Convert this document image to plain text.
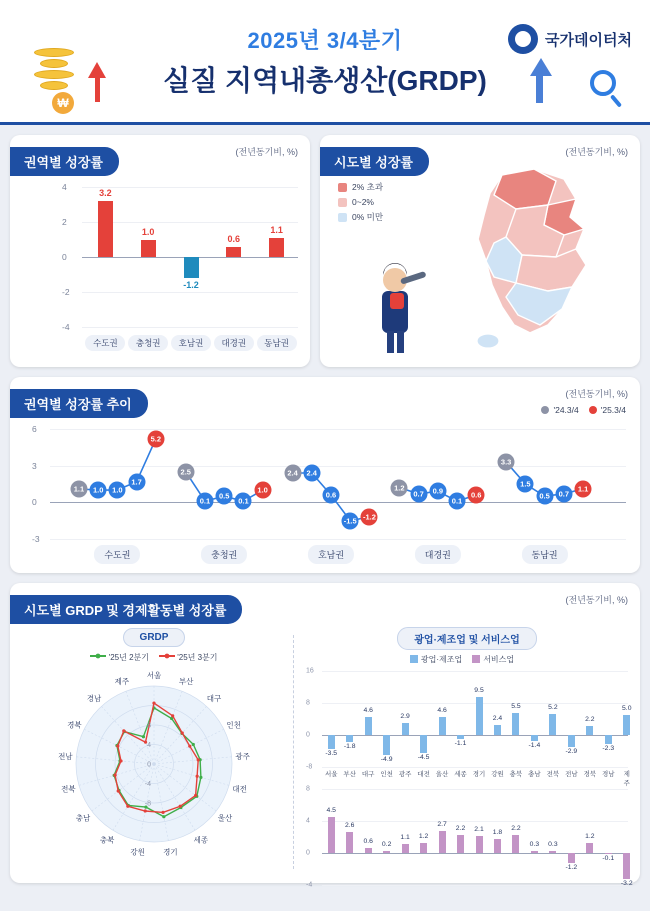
₩
2025년 3/4분기
실질 지역내총생산(GRDP)
국가데이터처
권역별 성장률
(전년동기비, %)
-4
-2
0
2
4
3.2
수도권
1.0
충청권
-1.2
호남권
0.6
대경권
1.1
동남권
시도별 성장률
(전년동기비, %)
2% 초과
0~2%
0% 미만
권역별 성장률 추이
(전년동기비, %)
'24.3/4	'25.3/4
-3
0
3
6
1.1	1.0	1.0
1.7
5.2
수도권
2.5
0.1
0.5
0.1
1.0
충청권
2.4	2.4
0.6
-1.5 -1.2
호남권
1.2
0.7	0.9
0.1
0.6
대경권
3.3
1.5
0.5	0.7
1.1
동남권
시도별 GRDP 및 경제활동별 성장률
(전년동기비, %)
GRDP
'25년 2분기	'25년 3분기
서울
부산
대구
인천
광주
대전
울산
세종
경기
강원
충북
충남
전북
전남
경북
경남
제주
-8
-4
0
4
8
광업·제조업 및 서비스업
광업·제조업	서비스업
-8
0
8
16
-3.5
-1.8
4.6
-4.9
2.9
-4.5
4.6
-1.1
9.5
2.4
5.5
-1.4
5.2
-2.9
2.2
-2.3
5.0
서울 부산 대구 인천 광주 대전 울산 세종 경기 강원 충북 충남 전북 전남 경북 경남 제주
-4
0
4
8
4.5
2.6
0.6 0.2
1.1 1.2
2.7
2.2 2.1 1.8 2.2
0.3 0.3
-1.2
1.2
-0.1
-3.2
